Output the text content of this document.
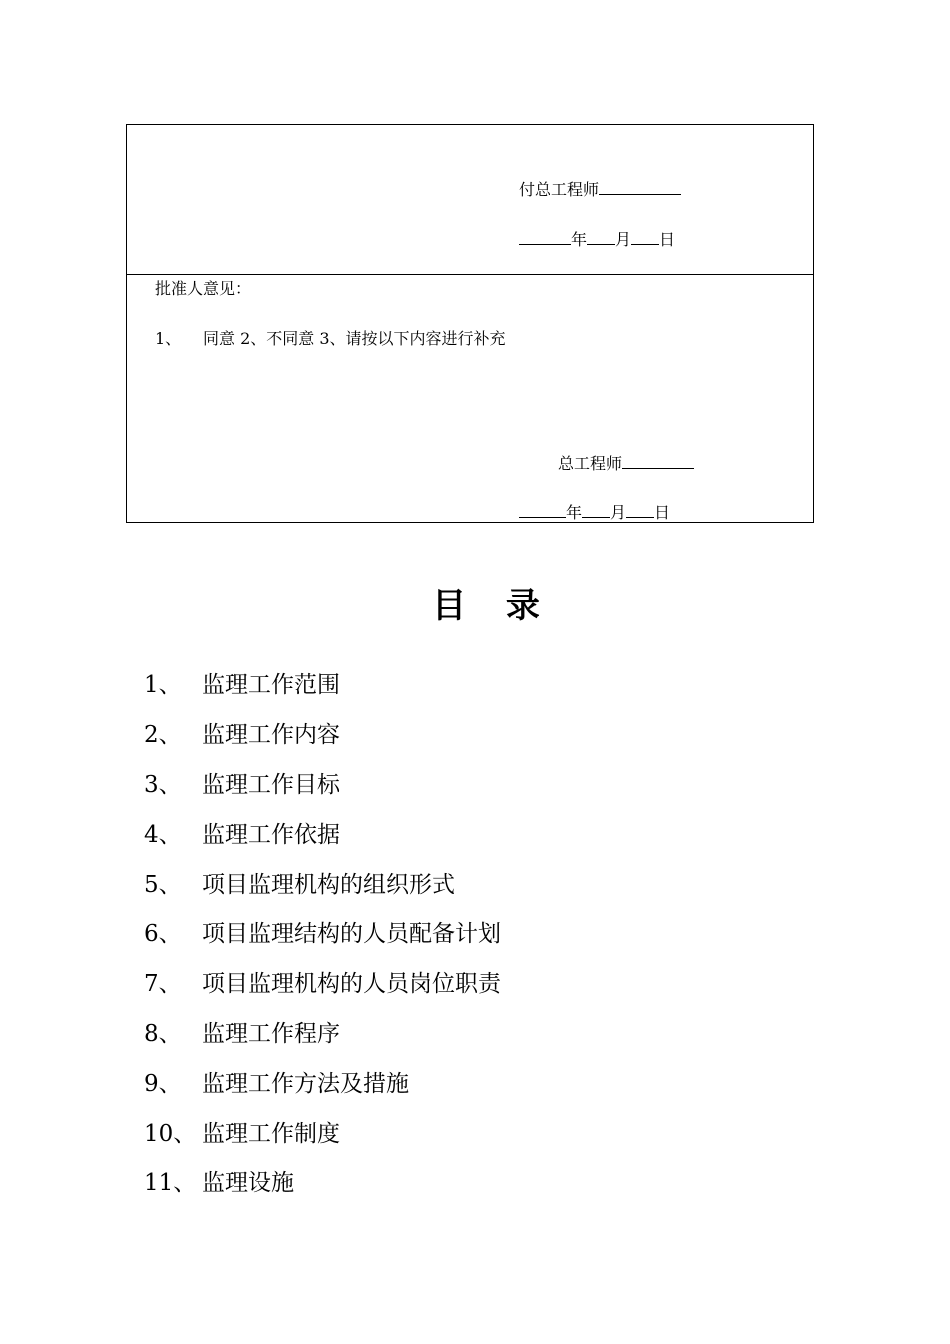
付总工程师
年 月 日
批准人意见：
1、 同意 2、不同意 3、请按以下内容进行补充
总工程师
年 月 日
目 录
1、 监理工作范围
2、 监理工作内容
3、 监理工作目标
4、 监理工作依据
5、 项目监理机构的组织形式
6、 项目监理结构的人员配备计划
7、 项目监理机构的人员岗位职责
8、 监理工作程序
9、 监理工作方法及措施
10、 监理工作制度
11、 监理设施
